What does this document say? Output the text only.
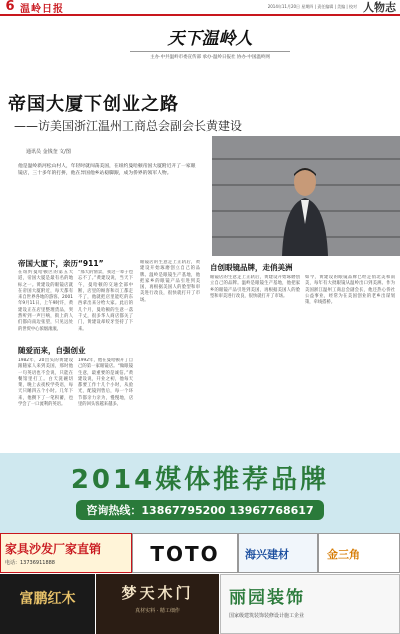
6 温岭日报	2014年11月20日 星期四 | 责任编辑 | 美编 | 校对 人物志
天下温岭人
主办·中共温岭市委宣传部 承办·温岭日报社 协办·中国温岭网
帝国大厦下创业之路
——访美国浙江温州工商总会副会长黄建设
通讯员 金钱奎 文/图
他是温岭新河松山村人，年轻时就闯荡美国，在纽约曼哈顿帝国大厦附近开了一家眼镜店，三十多年的打拼，他在异国他乡站稳脚跟，成为侨界的领军人物。
帝国大厦下，亲历“911”
在纽约曼哈顿区的第五大道，帝国大厦是最有名的地标之一。黄建设的眼镜店就在帝国大厦附近，每天都有来自世界各地的游客。2001年9月11日，上午9时许，黄建设正在店里整理货品，突然听到一声巨响，街上的人们都向南边张望，只见远处的世贸中心浓烟滚滚。
“那天的情景，我这一辈子也忘不了。”黄建设说，当天下午，曼哈顿的交通全部中断，店里的顾客和员工都走不了，他就把店里能吃的东西拿出来分给大家。此后的几个月，曼哈顿的生意一落千丈，很多华人商店都关了门，黄建设却咬牙坚持了下来。
随爱而来，自强创业
1982年，20出头的黄建设跟随家人来到美国，那时他一句英语也不会说，只能在餐馆里打工。白天洗碗切菜，晚上去夜校学英语，每天只睡四五个小时。几年下来，他攒下了一笔积蓄，也学会了一口流利的英语。
1992年，他在曼哈顿开了自己的第一家眼镜店。“做眼镜生意，最重要的是诚信。”黄建设说，开业之初，他每天都要工作十几个小时，从验光、配镜到售后，每一个环节都亲力亲为，慢慢地，店里的回头客越来越多。
眼镜店的生意走上正轨后，黄建设开始琢磨创立自己的品牌。温岭是眼镜生产基地，他把家乡的眼镜产品引进到美国，再根据美国人的脸型和审美进行改良，很快就打开了市场。
自创眼镜品牌，走俏美洲
眼镜店的生意走上正轨后，黄建设开始琢磨创立自己的品牌。温岭是眼镜生产基地，他把家乡的眼镜产品引进到美国，再根据美国人的脸型和审美进行改良，很快就打开了市场。
如今，黄建设的眼镜品牌已经走俏北美和南美，每年有大批眼镜从温岭出口到美洲。作为美国浙江温州工商总会副会长，他还热心侨社公益事业，经常为在美国创业的老乡出谋划策，牵线搭桥。
2014媒体推荐品牌
咨询热线：13867795200 13967768617
家具沙发厂家直销
电话：13736911888	TOTO	海兴建材	金三角
富鹏红木	梦天木门
真材实料 · 精工细作
丽园装饰
国家级建筑装饰装修设计施工企业
